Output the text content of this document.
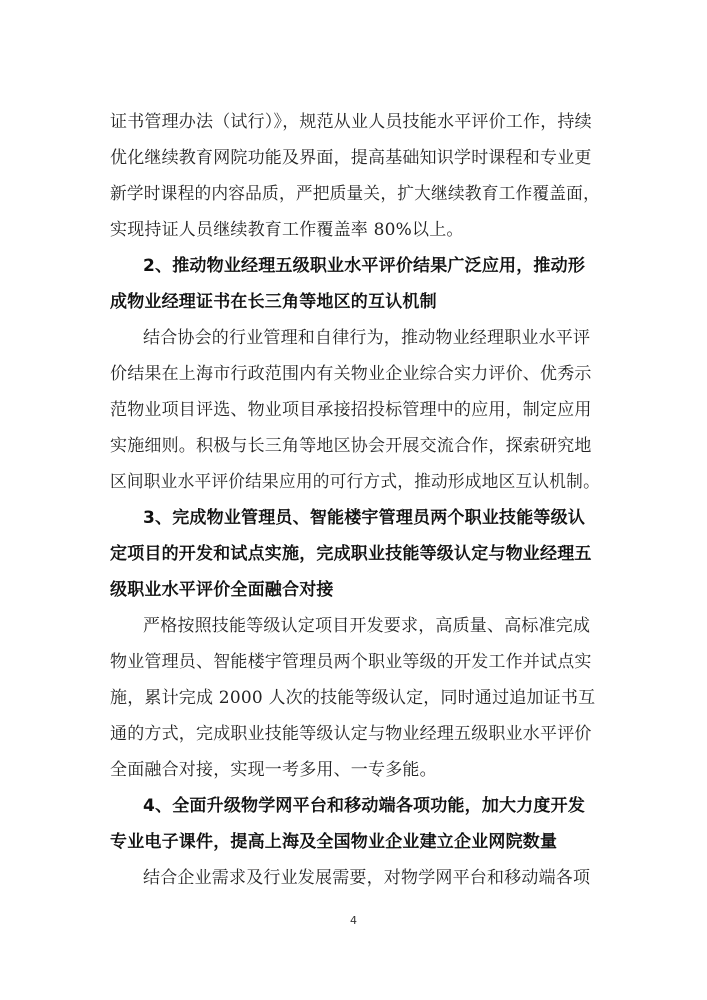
证书管理办法（试行）》，规范从业人员技能水平评价工作，持续
优化继续教育网院功能及界面，提高基础知识学时课程和专业更
新学时课程的内容品质，严把质量关，扩大继续教育工作覆盖面，
实现持证人员继续教育工作覆盖率 80%以上。
2、推动物业经理五级职业水平评价结果广泛应用，推动形
成物业经理证书在长三角等地区的互认机制
结合协会的行业管理和自律行为，推动物业经理职业水平评
价结果在上海市行政范围内有关物业企业综合实力评价、优秀示
范物业项目评选、物业项目承接招投标管理中的应用，制定应用
实施细则。积极与长三角等地区协会开展交流合作，探索研究地
区间职业水平评价结果应用的可行方式，推动形成地区互认机制。
3、完成物业管理员、智能楼宇管理员两个职业技能等级认
定项目的开发和试点实施，完成职业技能等级认定与物业经理五
级职业水平评价全面融合对接
严格按照技能等级认定项目开发要求，高质量、高标准完成
物业管理员、智能楼宇管理员两个职业等级的开发工作并试点实
施，累计完成 2000 人次的技能等级认定，同时通过追加证书互
通的方式，完成职业技能等级认定与物业经理五级职业水平评价
全面融合对接，实现一考多用、一专多能。
4、全面升级物学网平台和移动端各项功能，加大力度开发
专业电子课件，提高上海及全国物业企业建立企业网院数量
结合企业需求及行业发展需要，对物学网平台和移动端各项
4
